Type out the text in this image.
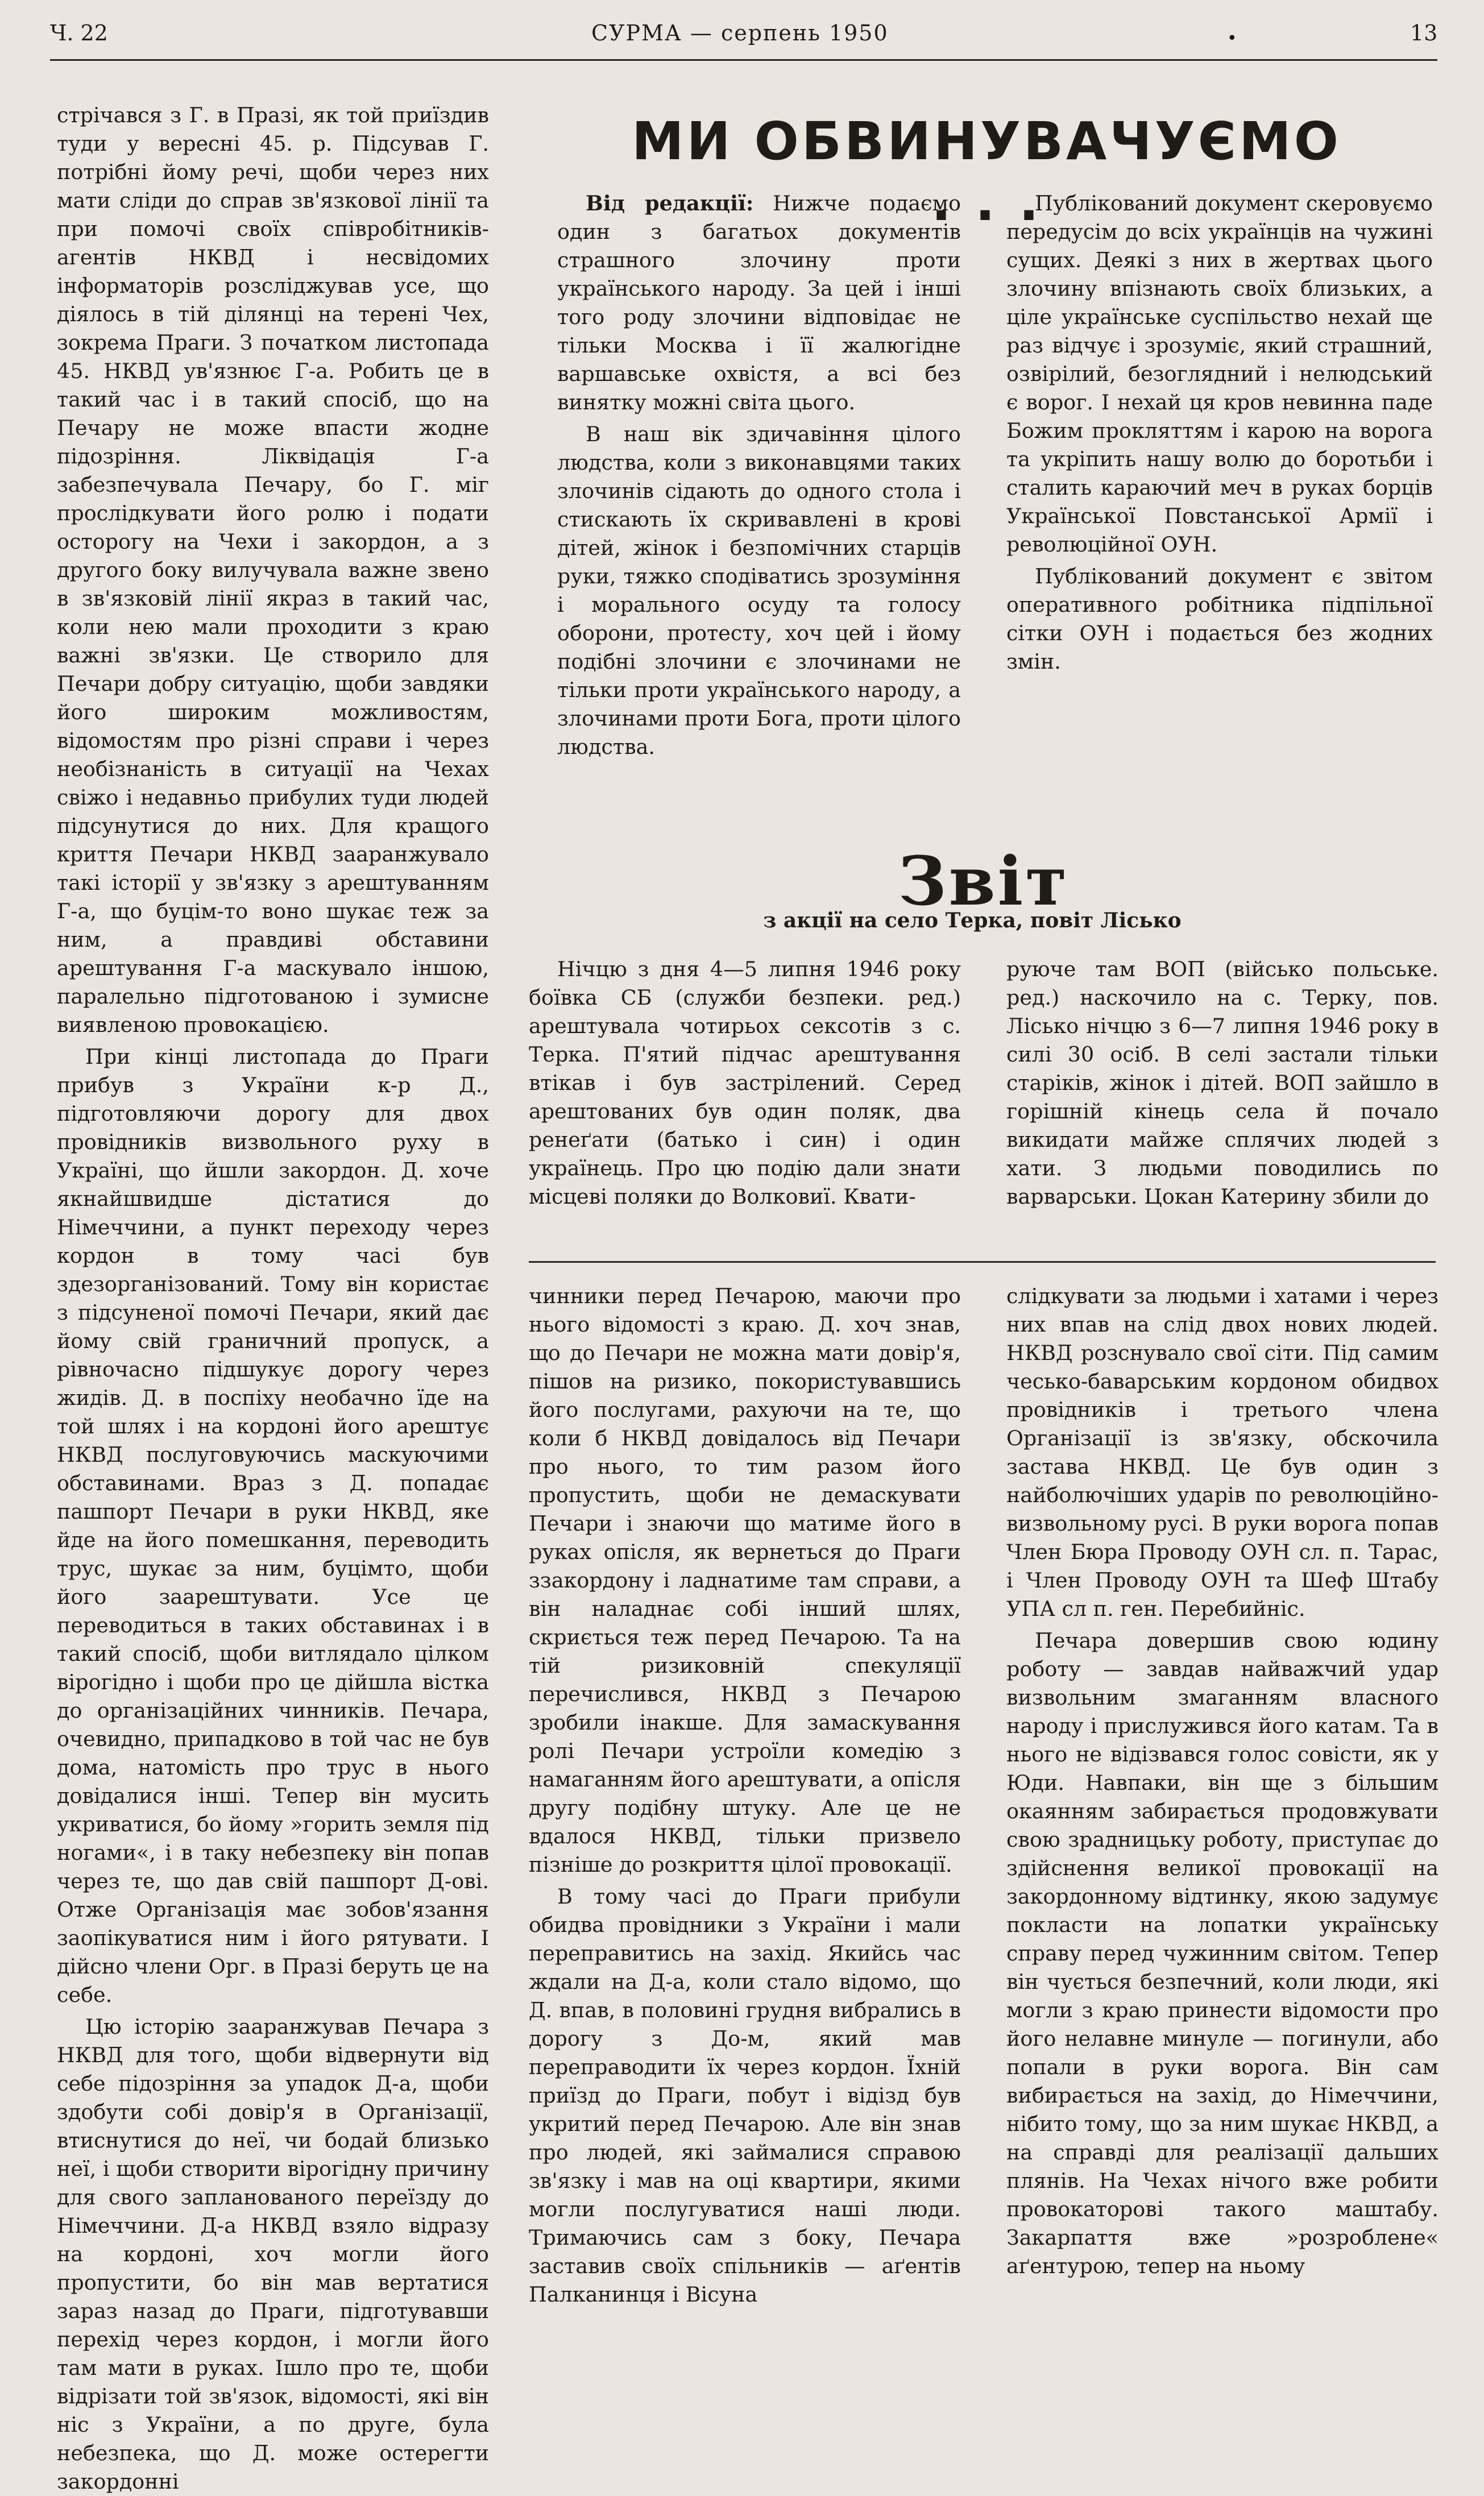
Ч. 22	СУРМА — серпень 1950	•	13

стрічався з Г. в Празі, як той приїздив туди у вересні 45. р. Підсував Г. потрібні йому речі, щоби через них мати сліди до справ зв'язкової лінії та при помочі своїх співробітників-агентів НКВД і несвідомих інформаторів розсліджував усе, що діялось в тій ділянці на терені Чех, зокрема Праги. З початком листопада 45. НКВД ув'язнює Г-а. Робить це в такий час і в такий спосіб, що на Печару не може впасти жодне підозріння. Ліквідація Г-а забезпечувала Печару, бо Г. міг прослідкувати його ролю і подати осторогу на Чехи і закордон, а з другого боку вилучувала важне звено в зв'язковій лінії якраз в такий час, коли нею мали проходити з краю важні зв'язки. Це створило для Печари добру ситуацію, щоби завдяки його широким можливостям, відомостям про різні справи і через необізнаність в ситуації на Чехах свіжо і недавньо прибулих туди людей підсунутися до них. Для кращого криття Печари НКВД зааранжувало такі історії у зв'язку з арештуванням Г-а, що буцім-то воно шукає теж за ним, а правдиві обставини арештування Г-а маскувало іншою, паралельно підготованою і зумисне виявленою провокацією.

При кінці листопада до Праги прибув з України к-р Д., підготовляючи дорогу для двох провідників визвольного руху в Україні, що йшли закордон. Д. хоче якнайшвидше дістатися до Німеччини, а пункт переходу через кордон в тому часі був здезорганізований. Тому він користає з підсуненої помочі Печари, який дає йому свій граничний пропуск, а рівночасно підшукує дорогу через жидів. Д. в поспіху необачно їде на той шлях і на кордоні його арештує НКВД послуговуючись маскуючими обставинами. Враз з Д. попадає пашпорт Печари в руки НКВД, яке йде на його помешкання, переводить трус, шукає за ним, буцімто, щоби його заарештувати. Усе це переводиться в таких обставинах і в такий спосіб, щоби витлядало цілком вірогідно і щоби про це дійшла вістка до організаційних чинників. Печара, очевидно, припадково в той час не був дома, натомість про трус в нього довідалися інші. Тепер він мусить укриватися, бо йому »горить земля під ногами«, і в таку небезпеку він попав через те, що дав свій пашпорт Д-ові. Отже Організація має зобов'язання заопікуватися ним і його рятувати. І дійсно члени Орг. в Празі беруть це на себе.

Цю історію зааранжував Печара з НКВД для того, щоби відвернути від себе підозріння за упадок Д-а, щоби здобути собі довір'я в Організації, втиснутися до неї, чи бодай близько неї, і щоби створити вірогідну причину для свого запланованого переїзду до Німеччини. Д-а НКВД взяло відразу на кордоні, хоч могли його пропустити, бо він мав вертатися зараз назад до Праги, підготувавши перехід через кордон, і могли його там мати в руках. Ішло про те, щоби відрізати той зв'язок, відомості, які він ніс з України, а по друге, була небезпека, що Д. може остерегти закордонні

МИ ОБВИНУВАЧУЄМО . . .

Від редакції: Нижче подаємо один з багатьох документів страшного злочину проти українського народу. За цей і інші того роду злочини відповідає не тільки Москва і її жалюгідне варшавське охвістя, а всі без винятку можні світа цього.

В наш вік здичавіння цілого людства, коли з виконавцями таких злочинів сідають до одного стола і стискають їх скривавлені в крові дітей, жінок і безпомічних старців руки, тяжко сподіватись зрозуміння і морального осуду та голосу оборони, протесту, хоч цей і йому подібні злочини є злочинами не тільки проти українського народу, а злочинами проти Бога, проти цілого людства.

Публікований документ скеровуємо передусім до всіх українців на чужині сущих. Деякі з них в жертвах цього злочину впізнають своїх близьких, а ціле українське суспільство нехай ще раз відчує і зрозуміє, який страшний, озвірілий, безоглядний і нелюдський є ворог. І нехай ця кров невинна паде Божим прокляттям і карою на ворога та укріпить нашу волю до боротьби і сталить караючий меч в руках борців Української Повстанської Армії і революційної ОУН.

Публікований документ є звітом оперативного робітника підпільної сітки ОУН і подається без жодних змін.

Звіт
з акції на село Терка, повіт Лісько

Нічцю з дня 4—5 липня 1946 року боївка СБ (служби безпеки. ред.) арештувала чотирьох сексотів з с. Терка. П'ятий підчас арештування втікав і був застрілений. Серед арештованих був один поляк, два ренеґати (батько і син) і один українець. Про цю подію дали знати місцеві поляки до Волковиї. Квати-

руюче там ВОП (військо польське. ред.) наскочило на с. Терку, пов. Лісько нічцю з 6—7 липня 1946 року в силі 30 осіб. В селі застали тільки старіків, жінок і дітей. ВОП зайшло в горішній кінець села й почало викидати майже сплячих людей з хати. З людьми поводились по варварськи. Цокан Катерину збили до

чинники перед Печарою, маючи про нього відомості з краю. Д. хоч знав, що до Печари не можна мати довір'я, пішов на ризико, покористувавшись його послугами, рахуючи на те, що коли б НКВД довідалось від Печари про нього, то тим разом його пропустить, щоби не демаскувати Печари і знаючи що матиме його в руках опісля, як вернеться до Праги ззакордону і ладнатиме там справи, а він наладнає собі інший шлях, скриється теж перед Печарою. Та на тій ризиковній спекуляції перечислився, НКВД з Печарою зробили інакше. Для замаскування ролі Печари устроїли комедію з намаганням його арештувати, а опісля другу подібну штуку. Але це не вдалося НКВД, тільки призвело пізніше до розкриття цілої провокації.

В тому часі до Праги прибули обидва провідники з України і мали переправитись на захід. Якийсь час ждали на Д-а, коли стало відомо, що Д. впав, в половині грудня вибрались в дорогу з До-м, який мав переправодити їх через кордон. Їхній приїзд до Праги, побут і відізд був укритий перед Печарою. Але він знав про людей, які займалися справою зв'язку і мав на оці квартири, якими могли послугуватися наші люди. Тримаючись сам з боку, Печара заставив своїх спільників — аґентів Палканинця і Вісуна

слідкувати за людьми і хатами і через них впав на слід двох нових людей. НКВД розснувало свої сіти. Під самим чесько-баварським кордоном обидвох провідників і третього члена Організації із зв'язку, обскочила застава НКВД. Це був один з найболючіших ударів по революційно-визвольному русі. В руки ворога попав Член Бюра Проводу ОУН сл. п. Тарас, і Член Проводу ОУН та Шеф Штабу УПА сл п. ген. Перебийніс.

Печара довершив свою юдину роботу — завдав найважчий удар визвольним змаганням власного народу і прислужився його катам. Та в нього не відізвався голос совісти, як у Юди. Навпаки, він ще з більшим окаянням забирається продовжувати свою зрадницьку роботу, приступає до здійснення великої провокації на закордонному відтинку, якою задумує покласти на лопатки українську справу перед чужинним світом. Тепер він чується безпечний, коли люди, які могли з краю принести відомости про його нелавне минуле — погинули, або попали в руки ворога. Він сам вибирається на захід, до Німеччини, нібито тому, що за ним шукає НКВД, а на справді для реалізації дальших плянів. На Чехах нічого вже робити провокаторові такого маштабу. Закарпаття вже »розроблене« аґентурою, тепер на ньому
